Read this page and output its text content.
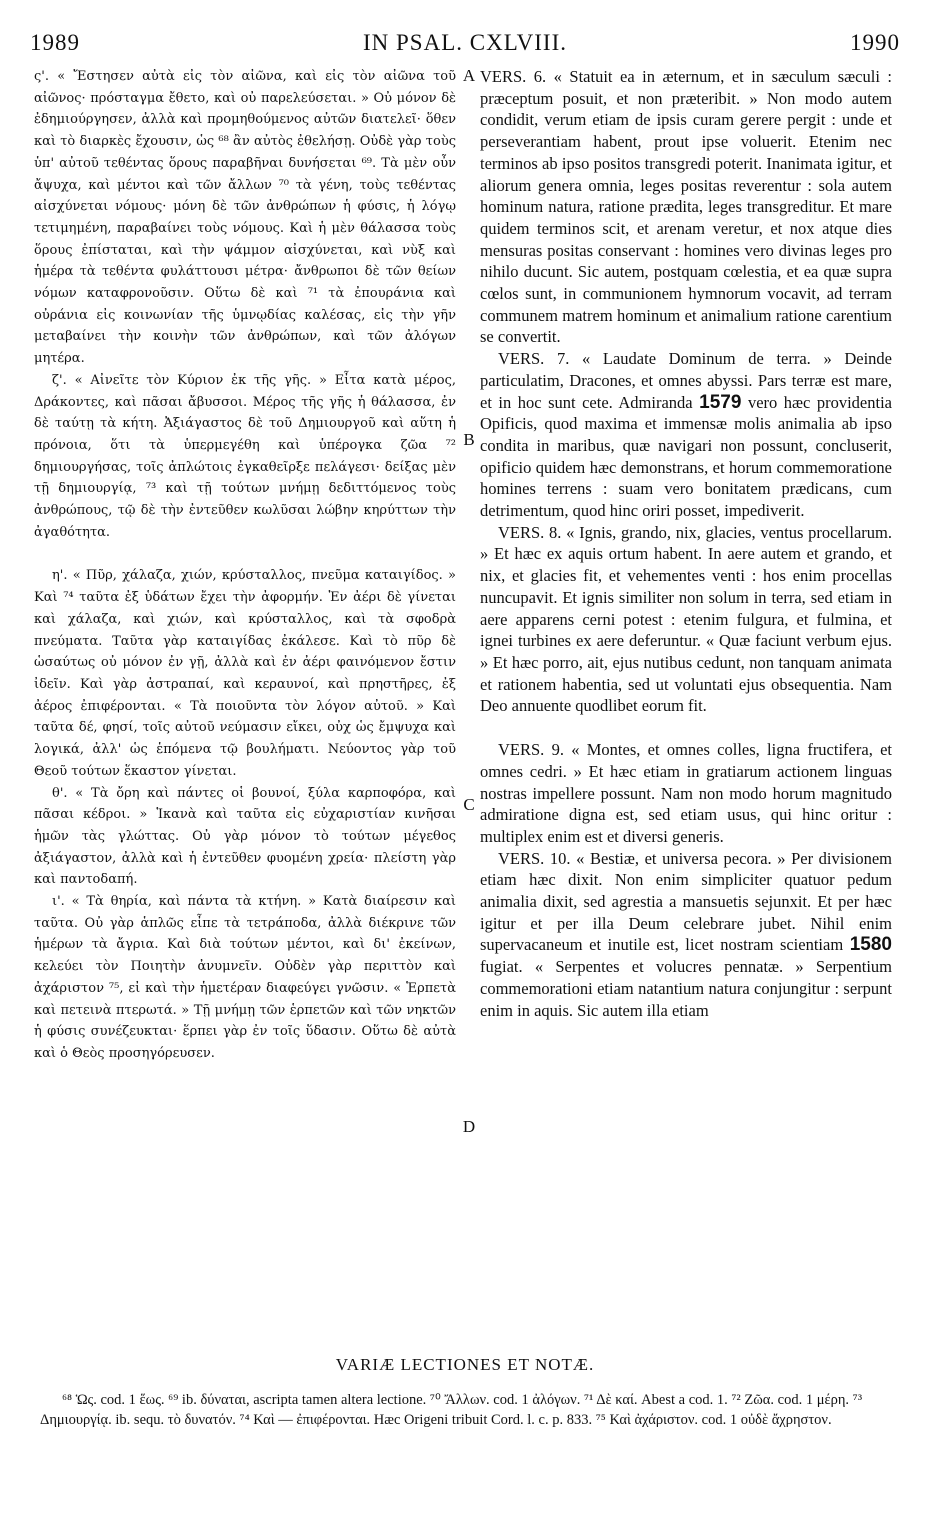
1989	IN PSAL. CXLVIII.	1990

ς'. « Ἔστησεν αὐτὰ εἰς τὸν αἰῶνα, καὶ εἰς τὸν αἰῶνα τοῦ αἰῶνος· πρόσταγμα ἔθετο, καὶ οὐ παρελεύσεται. » Οὐ μόνον δὲ ἐδημιούργησεν, ἀλλὰ καὶ προμηθούμενος αὐτῶν διατελεῖ· ὅθεν καὶ τὸ διαρκὲς ἔχουσιν, ὡς ⁶⁸ ἂν αὐτὸς ἐθελήσῃ. Οὐδὲ γὰρ τοὺς ὑπ' αὐτοῦ τεθέντας ὅρους παραβῆναι δυνήσεται ⁶⁹. Τὰ μὲν οὖν ἄψυχα, καὶ μέντοι καὶ τῶν ἄλλων ⁷⁰ τὰ γένη, τοὺς τεθέντας αἰσχύνεται νόμους· μόνη δὲ τῶν ἀνθρώπων ἡ φύσις, ἡ λόγῳ τετιμημένη, παραβαίνει τοὺς νόμους. Καὶ ἡ μὲν θάλασσα τοὺς ὅρους ἐπίσταται, καὶ τὴν ψάμμον αἰσχύνεται, καὶ νὺξ καὶ ἡμέρα τὰ τεθέντα φυλάττουσι μέτρα· ἄνθρωποι δὲ τῶν θείων νόμων καταφρονοῦσιν. Οὕτω δὲ καὶ ⁷¹ τὰ ἐπουράνια καὶ οὐράνια εἰς κοινωνίαν τῆς ὑμνῳδίας καλέσας, εἰς τὴν γῆν μεταβαίνει τὴν κοινὴν τῶν ἀνθρώπων, καὶ τῶν ἀλόγων μητέρα.

ζ'. « Αἰνεῖτε τὸν Κύριον ἐκ τῆς γῆς. » Εἶτα κατὰ μέρος, Δράκοντες, καὶ πᾶσαι ἄβυσσοι. Μέρος τῆς γῆς ἡ θάλασσα, ἐν δὲ ταύτῃ τὰ κήτη. Ἀξιάγαστος δὲ τοῦ Δημιουργοῦ καὶ αὕτη ἡ πρόνοια, ὅτι τὰ ὑπερμεγέθη καὶ ὑπέρογκα ζῶα ⁷² δημιουργήσας, τοῖς ἀπλώτοις ἐγκαθεῖρξε πελάγεσι· δείξας μὲν τῇ δημιουργίᾳ, ⁷³ καὶ τῇ τούτων μνήμῃ δεδιττόμενος τοὺς ἀνθρώπους, τῷ δὲ τὴν ἐντεῦθεν κωλῦσαι λώβην κηρύττων τὴν ἀγαθότητα.

η'. « Πῦρ, χάλαζα, χιών, κρύσταλλος, πνεῦμα καταιγίδος. » Καὶ ⁷⁴ ταῦτα ἐξ ὑδάτων ἔχει τὴν ἀφορμήν. Ἐν ἀέρι δὲ γίνεται καὶ χάλαζα, καὶ χιών, καὶ κρύσταλλος, καὶ τὰ σφοδρὰ πνεύματα. Ταῦτα γὰρ καταιγίδας ἐκάλεσε. Καὶ τὸ πῦρ δὲ ὡσαύτως οὐ μόνον ἐν γῇ, ἀλλὰ καὶ ἐν ἀέρι φαινόμενον ἔστιν ἰδεῖν. Καὶ γὰρ ἀστραπαί, καὶ κεραυνοί, καὶ πρηστῆρες, ἐξ ἀέρος ἐπιφέρονται. « Τὰ ποιοῦντα τὸν λόγον αὐτοῦ. » Καὶ ταῦτα δέ, φησί, τοῖς αὐτοῦ νεύμασιν εἴκει, οὐχ ὡς ἔμψυχα καὶ λογικά, ἀλλ' ὡς ἑπόμενα τῷ βουλήματι. Νεύοντος γὰρ τοῦ Θεοῦ τούτων ἕκαστον γίνεται.

θ'. « Τὰ ὄρη καὶ πάντες οἱ βουνοί, ξύλα καρποφόρα, καὶ πᾶσαι κέδροι. » Ἱκανὰ καὶ ταῦτα εἰς εὐχαριστίαν κινῆσαι ἡμῶν τὰς γλώττας. Οὐ γὰρ μόνον τὸ τούτων μέγεθος ἀξιάγαστον, ἀλλὰ καὶ ἡ ἐντεῦθεν φυομένη χρεία· πλείστη γὰρ καὶ παντοδαπή.

ι'. « Τὰ θηρία, καὶ πάντα τὰ κτήνη. » Κατὰ διαίρεσιν καὶ ταῦτα. Οὐ γὰρ ἁπλῶς εἶπε τὰ τετράποδα, ἀλλὰ διέκρινε τῶν ἡμέρων τὰ ἄγρια. Καὶ διὰ τούτων μέντοι, καὶ δι' ἐκείνων, κελεύει τὸν Ποιητὴν ἀνυμνεῖν. Οὐδὲν γὰρ περιττὸν καὶ ἀχάριστον ⁷⁵, εἰ καὶ τὴν ἡμετέραν διαφεύγει γνῶσιν. « Ἑρπετὰ καὶ πετεινὰ πτερωτά. » Τῇ μνήμῃ τῶν ἑρπετῶν καὶ τῶν νηκτῶν ἡ φύσις συνέζευκται· ἕρπει γὰρ ἐν τοῖς ὕδασιν. Οὕτω δὲ αὐτὰ καὶ ὁ Θεὸς προσηγόρευσεν.

A
B
C
D

VERS. 6. « Statuit ea in æternum, et in sæculum sæculi : præceptum posuit, et non præteribit. » Non modo autem condidit, verum etiam de ipsis curam gerere pergit : unde et perseverantiam habent, prout ipse voluerit. Etenim nec terminos ab ipso positos transgredi poterit. Inanimata igitur, et aliorum genera omnia, leges positas reverentur : sola autem hominum natura, ratione prædita, leges transgreditur. Et mare quidem terminos scit, et arenam veretur, et nox atque dies mensuras positas conservant : homines vero divinas leges pro nihilo ducunt. Sic autem, postquam cœlestia, et ea quæ supra cœlos sunt, in communionem hymnorum vocavit, ad terram communem matrem hominum et animalium ratione carentium se convertit.

VERS. 7. « Laudate Dominum de terra. » Deinde particulatim, Dracones, et omnes abyssi. Pars terræ est mare, et in hoc sunt cete. Admiranda 1579 vero hæc providentia Opificis, quod maxima et immensæ molis animalia ab ipso condita in maribus, quæ navigari non possunt, concluserit, opificio quidem hæc demonstrans, et horum commemoratione homines terrens : suam vero bonitatem prædicans, cum detrimentum, quod hinc oriri posset, impediverit.

VERS. 8. « Ignis, grando, nix, glacies, ventus procellarum. » Et hæc ex aquis ortum habent. In aere autem et grando, et nix, et glacies fit, et vehementes venti : hos enim procellas nuncupavit. Et ignis similiter non solum in terra, sed etiam in aere apparens cerni potest : etenim fulgura, et fulmina, et ignei turbines ex aere deferuntur. « Quæ faciunt verbum ejus. » Et hæc porro, ait, ejus nutibus cedunt, non tanquam animata et rationem habentia, sed ut voluntati ejus obsequentia. Nam Deo annuente quodlibet eorum fit.

VERS. 9. « Montes, et omnes colles, ligna fructifera, et omnes cedri. » Et hæc etiam in gratiarum actionem linguas nostras impellere possunt. Nam non modo horum magnitudo admiratione digna est, sed etiam usus, qui hinc oritur : multiplex enim est et diversi generis.

VERS. 10. « Bestiæ, et universa pecora. » Per divisionem etiam hæc dixit. Non enim simpliciter quatuor pedum animalia dixit, sed agrestia a mansuetis sejunxit. Et per hæc igitur et per illa Deum celebrare jubet. Nihil enim supervacaneum et inutile est, licet nostram scientiam 1580 fugiat. « Serpentes et volucres pennatæ. » Serpentium commemorationi etiam natantium natura conjungitur : serpunt enim in aquis. Sic autem illa etiam

VARIÆ LECTIONES ET NOTÆ.

⁶⁸ Ὡς. cod. 1 ἕως. ⁶⁹ ib. δύναται, ascripta tamen altera lectione. ⁷⁰ Ἄλλων. cod. 1 ἀλόγων. ⁷¹ Δὲ καί. Abest a cod. 1. ⁷² Ζῶα. cod. 1 μέρη. ⁷³ Δημιουργίᾳ. ib. sequ. τὸ δυνατόν. ⁷⁴ Καὶ — ἐπιφέρονται. Hæc Origeni tribuit Cord. l. c. p. 833. ⁷⁵ Καὶ ἀχάριστον. cod. 1 οὐδὲ ἄχρηστον.
